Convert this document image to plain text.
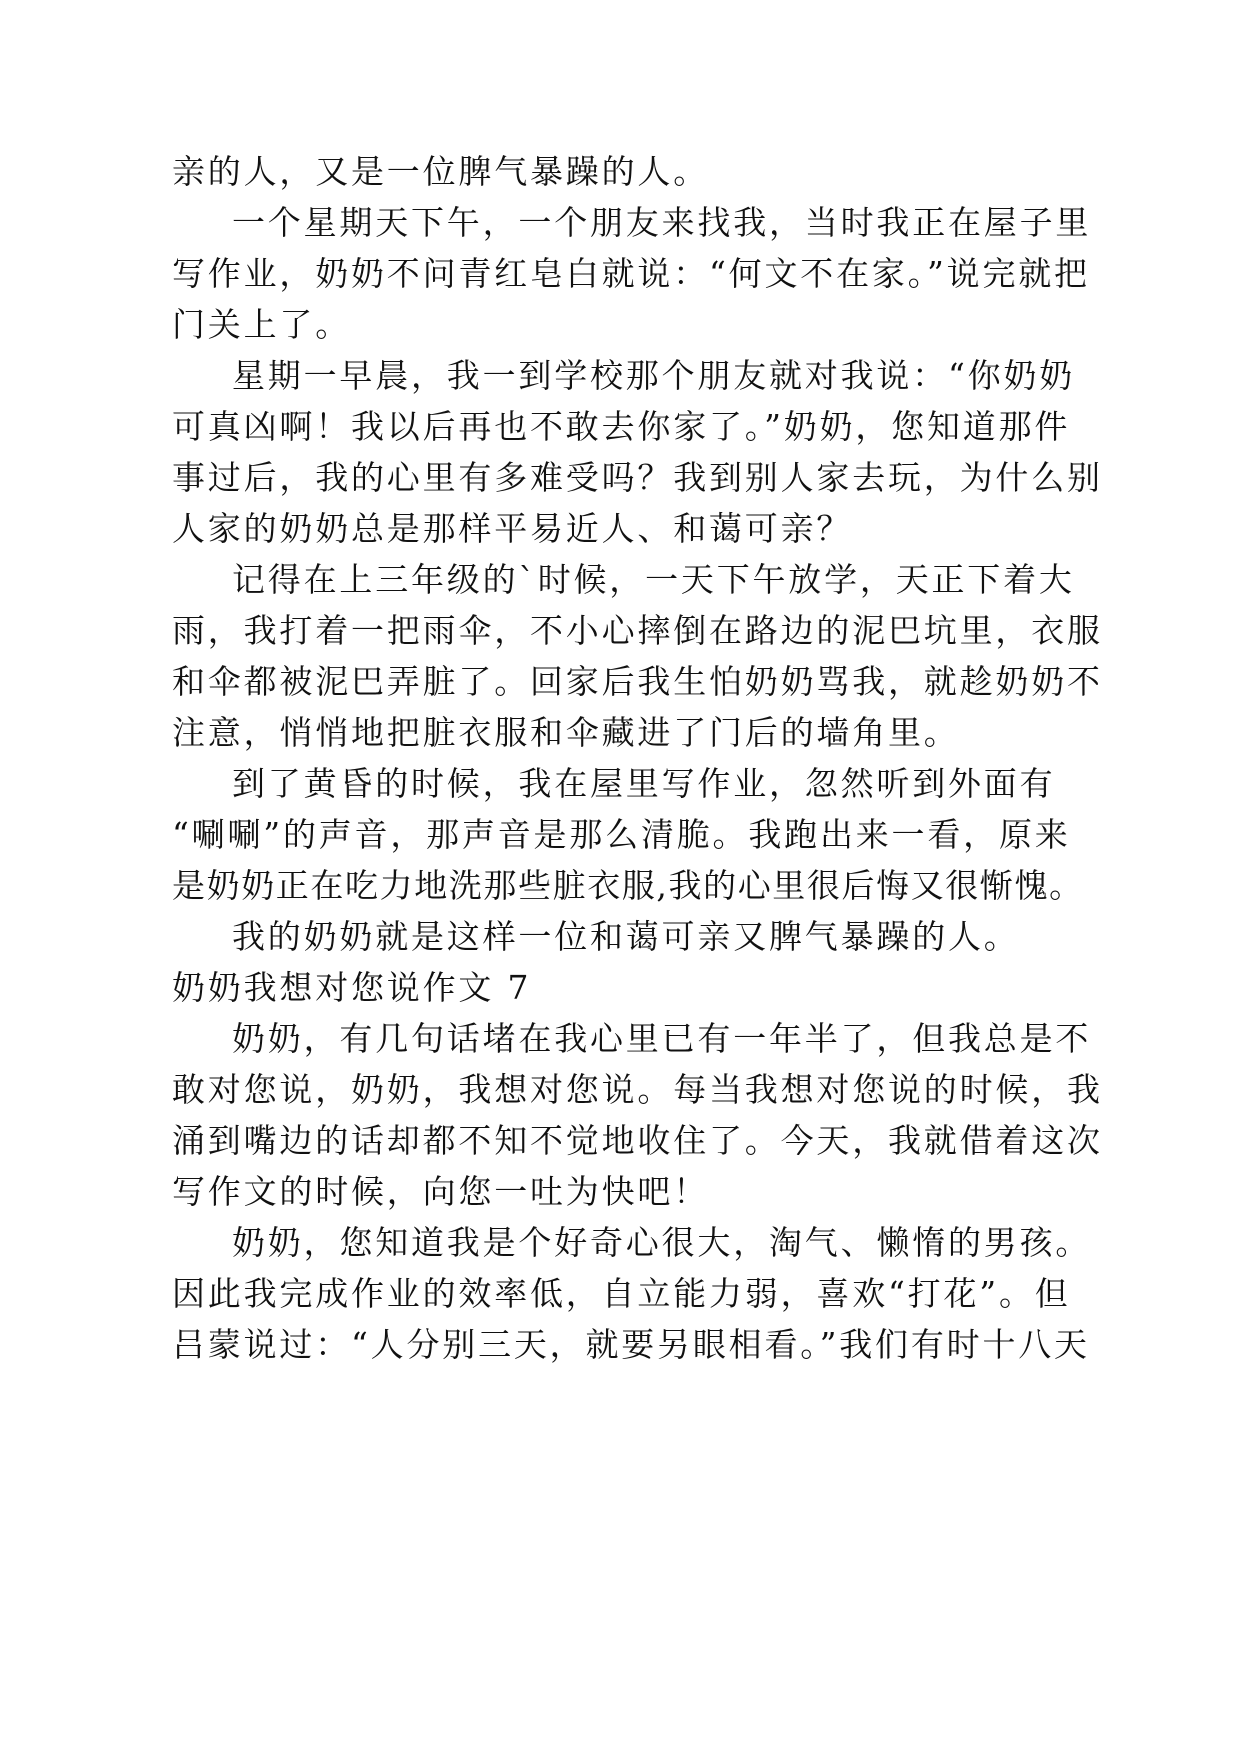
亲的人，又是一位脾气暴躁的人。
一个星期天下午，一个朋友来找我，当时我正在屋子里
写作业，奶奶不问青红皂白就说：“何文不在家。”说完就把
门关上了。
星期一早晨，我一到学校那个朋友就对我说：“你奶奶
可真凶啊！我以后再也不敢去你家了。”奶奶，您知道那件
事过后，我的心里有多难受吗？我到别人家去玩，为什么别
人家的奶奶总是那样平易近人、和蔼可亲？
记得在上三年级的`时候，一天下午放学，天正下着大
雨，我打着一把雨伞，不小心摔倒在路边的泥巴坑里，衣服
和伞都被泥巴弄脏了。回家后我生怕奶奶骂我，就趁奶奶不
注意，悄悄地把脏衣服和伞藏进了门后的墙角里。
到了黄昏的时候，我在屋里写作业，忽然听到外面有
“唰唰”的声音，那声音是那么清脆。我跑出来一看，原来
是奶奶正在吃力地洗那些脏衣服,我的心里很后悔又很惭愧。
我的奶奶就是这样一位和蔼可亲又脾气暴躁的人。
奶奶我想对您说作文 7
奶奶，有几句话堵在我心里已有一年半了，但我总是不
敢对您说，奶奶，我想对您说。每当我想对您说的时候，我
涌到嘴边的话却都不知不觉地收住了。今天，我就借着这次
写作文的时候，向您一吐为快吧！
奶奶，您知道我是个好奇心很大，淘气、懒惰的男孩。
因此我完成作业的效率低，自立能力弱，喜欢“打花”。但
吕蒙说过：“人分别三天，就要另眼相看。”我们有时十八天
